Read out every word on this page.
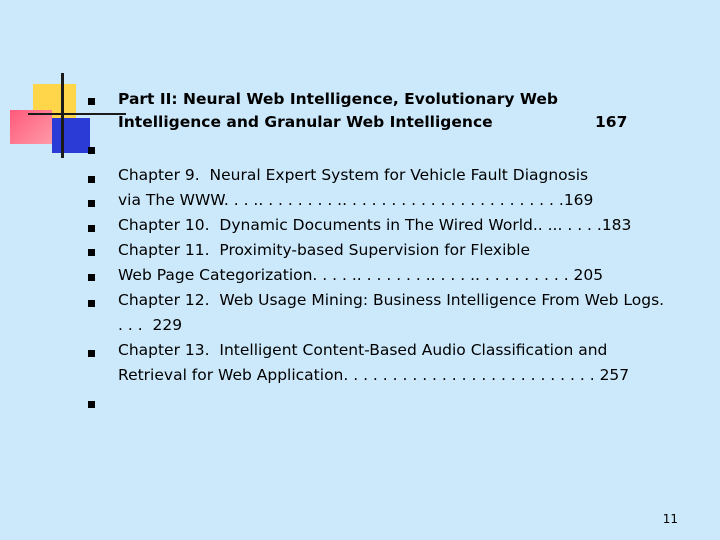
Part II: Neural Web Intelligence, Evolutionary Web
Intelligence and Granular Web Intelligence	167
Chapter 9.  Neural Expert System for Vehicle Fault Diagnosis
via The WWW. . . .. . . . . . . . .. . . . . . . . . . . . . . . . . . . . . . .169
Chapter 10.  Dynamic Documents in The Wired World.. ... . . . .183
Chapter 11.  Proximity-based Supervision for Flexible
Web Page Categorization. . . . .. . . . . . . .. . . . .. . . . . . . . . . 205
Chapter 12.  Web Usage Mining: Business Intelligence From Web Logs.
. . .  229
Chapter 13.  Intelligent Content-Based Audio Classification and
Retrieval for Web Application. . . . . . . . . . . . . . . . . . . . . . . . . . 257
11
